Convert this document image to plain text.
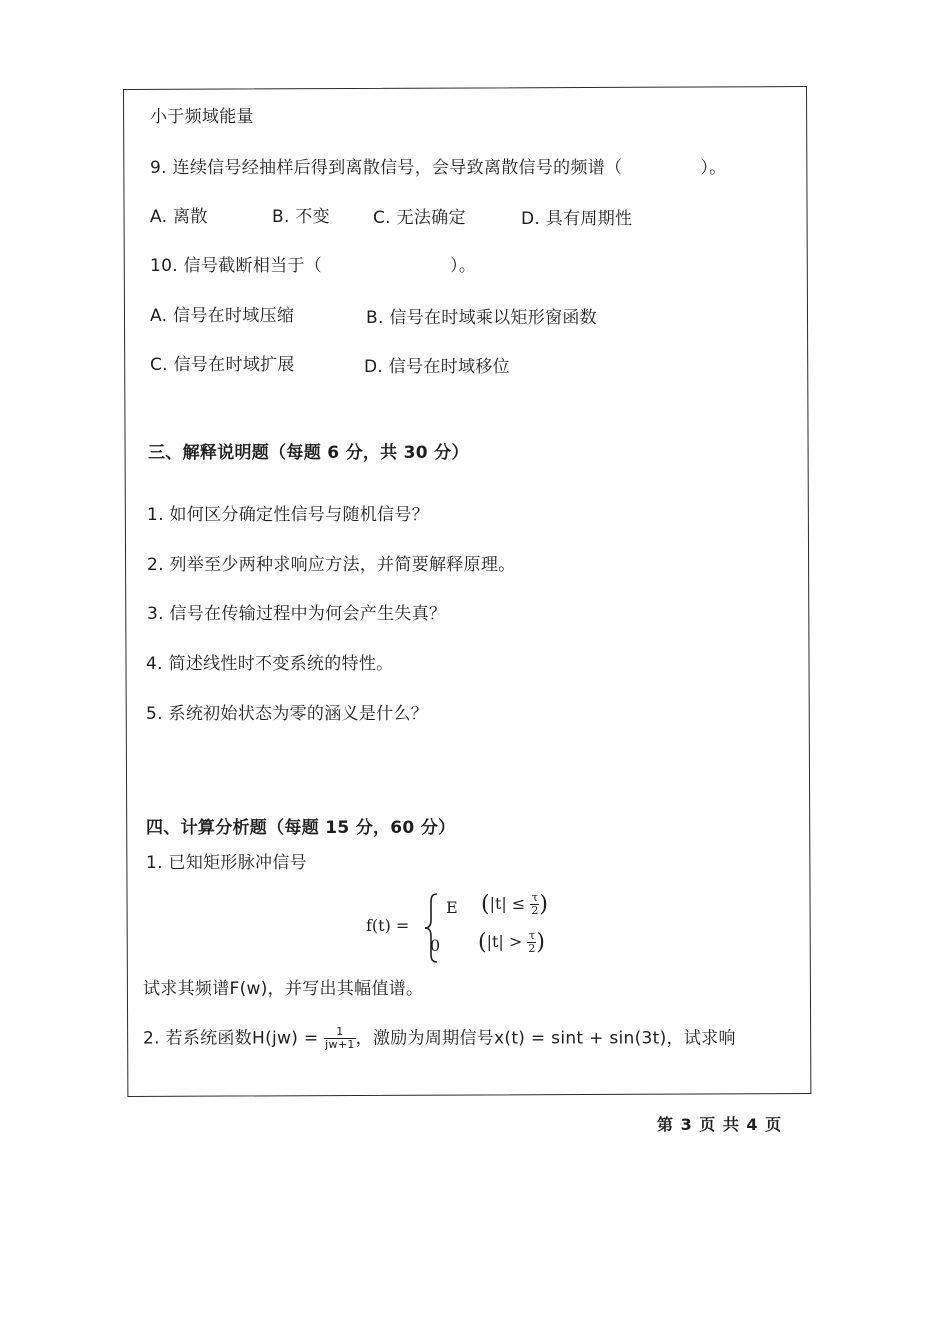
小于频域能量
9. 连续信号经抽样后得到离散信号，会导致离散信号的频谱（	）。
A. 离散	B. 不变	C. 无法确定	D. 具有周期性
10. 信号截断相当于（	）。
A. 信号在时域压缩	B. 信号在时域乘以矩形窗函数
C. 信号在时域扩展	D. 信号在时域移位
三、解释说明题（每题 6 分，共 30 分）
1. 如何区分确定性信号与随机信号？
2. 列举至少两种求响应方法，并简要解释原理。
3. 信号在传输过程中为何会产生失真？
4. 简述线性时不变系统的特性。
5. 系统初始状态为零的涵义是什么？
四、计算分析题（每题 15 分，60 分）
1. 已知矩形脉冲信号
f(t) =
E ($|t| \le \frac{\tau}{2}$ )
0 ($|t| > \frac{\tau}{2}$ )
试求其频谱F(w)，并写出其幅值谱。
2. 若系统函数$H(jw) = \frac{1}{jw+1}$ ，激励为周期信号x(t) = sint + sin(3t)，试求响
第 3 页 共 4 页
